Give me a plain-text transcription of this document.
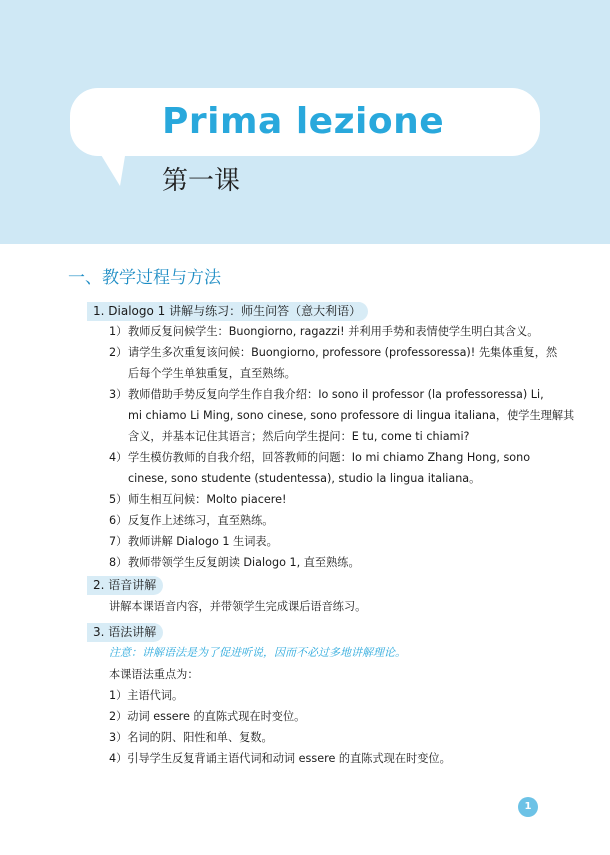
Prima lezione
第一课
一、教学过程与方法
1. Dialogo 1 讲解与练习：师生问答（意大利语）
1） 教师反复问候学生：Buongiorno, ragazzi! 并利用手势和表情使学生明白其含义。
2） 请学生多次重复该问候：Buongiorno, professore (professoressa)! 先集体重复，然
后每个学生单独重复，直至熟练。
3） 教师借助手势反复向学生作自我介绍：Io sono il professor (la professoressa) Li,
mi chiamo Li Ming, sono cinese, sono professore di lingua italiana，使学生理解其
含义，并基本记住其语言；然后向学生提问：E tu, come ti chiami?
4） 学生模仿教师的自我介绍，回答教师的问题：Io mi chiamo Zhang Hong, sono
cinese, sono studente (studentessa), studio la lingua italiana。
5） 师生相互问候：Molto piacere!
6） 反复作上述练习，直至熟练。
7） 教师讲解 Dialogo 1 生词表。
8） 教师带领学生反复朗读 Dialogo 1, 直至熟练。
2. 语音讲解
讲解本课语音内容，并带领学生完成课后语音练习。
3. 语法讲解
注意：讲解语法是为了促进听说，因而不必过多地讲解理论。
本课语法重点为：
1）主语代词。
2）动词 essere 的直陈式现在时变位。
3）名词的阴、阳性和单、复数。
4）引导学生反复背诵主语代词和动词 essere 的直陈式现在时变位。
1
